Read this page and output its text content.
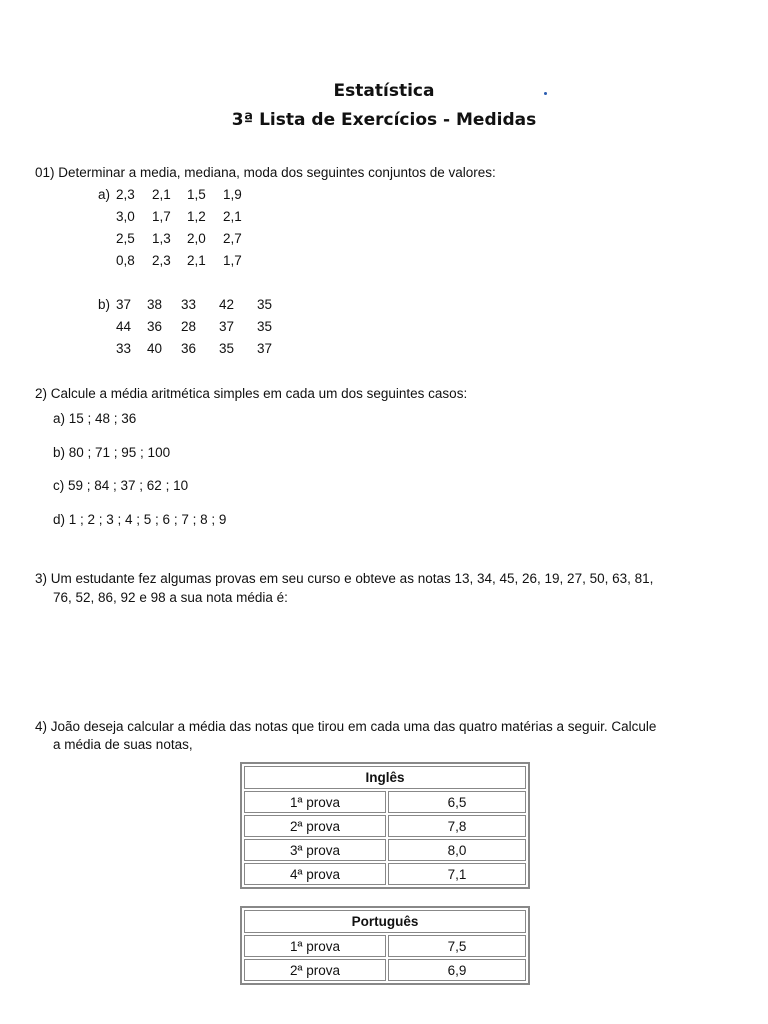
Estatística
3ª Lista de Exercícios - Medidas
01) Determinar a media, mediana, moda dos seguintes conjuntos de valores:
a) 2,3 2,1 1,5 1,9
3,0 1,7 1,2 2,1
2,5 1,3 2,0 2,7
0,8 2,3 2,1 1,7
b) 37 38 33 42 35
44 36 28 37 35
33 40 36 35 37
2) Calcule a média aritmética simples em cada um dos seguintes casos:
a) 15 ; 48 ; 36
b) 80 ; 71 ; 95 ; 100
c) 59 ; 84 ; 37 ; 62 ; 10
d) 1 ; 2 ; 3 ; 4 ; 5 ; 6 ; 7 ; 8 ; 9
3) Um estudante fez algumas provas em seu curso e obteve as notas 13, 34, 45, 26, 19, 27, 50, 63, 81,
76, 52, 86, 92 e 98 a sua nota média é:
4) João deseja calcular a média das notas que tirou em cada uma das quatro matérias a seguir. Calcule
a média de suas notas,
Inglês
1ª prova	6,5
2ª prova	7,8
3ª prova	8,0
4ª prova	7,1
Português
1ª prova	7,5
2ª prova	6,9
